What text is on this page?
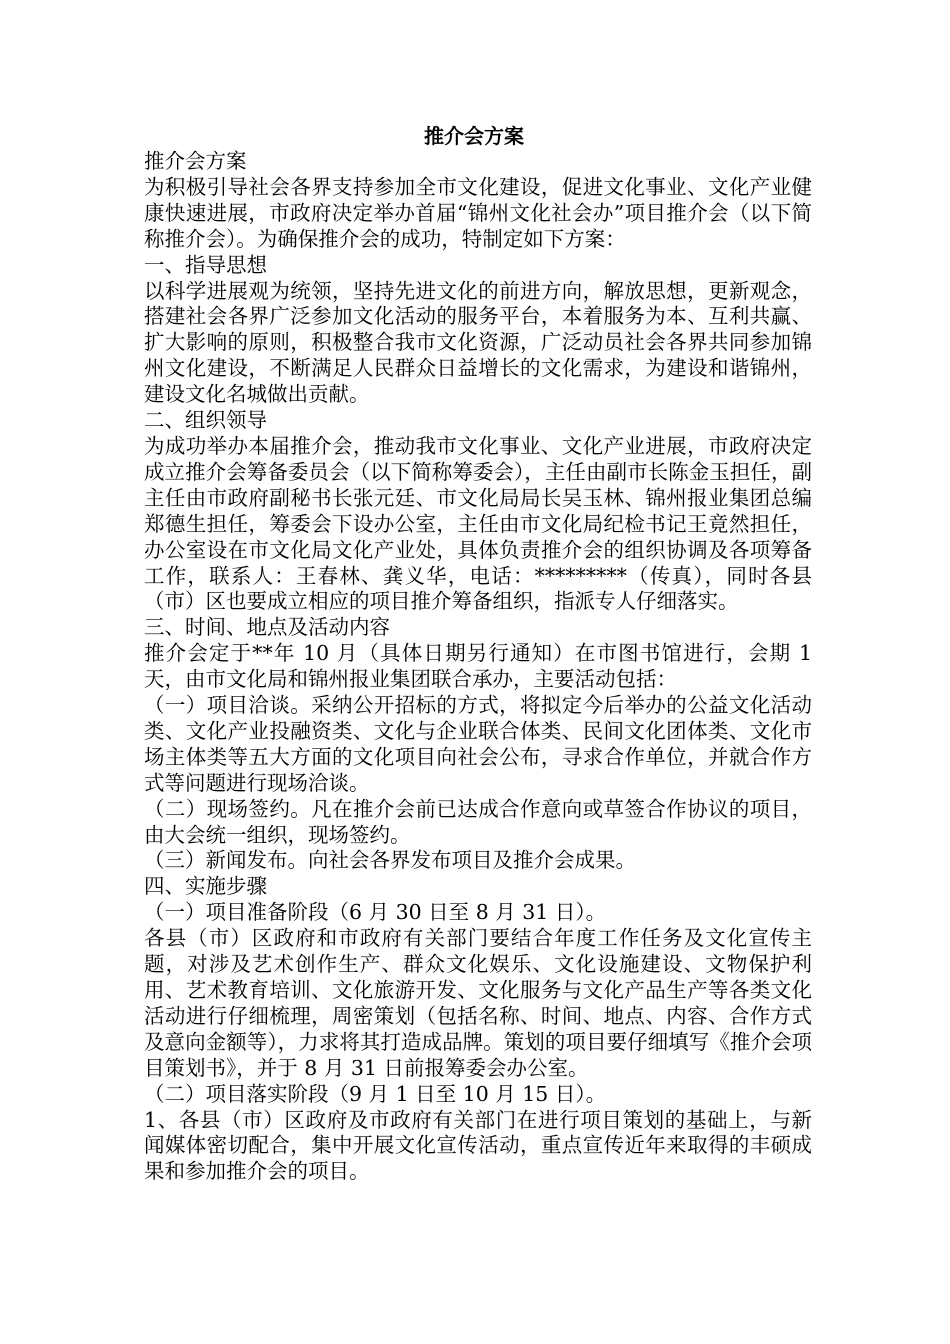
推介会方案

推介会方案

为积极引导社会各界支持参加全市文化建设，促进文化事业、文化产业健康快速进展，市政府决定举办首届“锦州文化社会办”项目推介会（以下简称推介会）。为确保推介会的成功，特制定如下方案：

一、指导思想

以科学进展观为统领，坚持先进文化的前进方向，解放思想，更新观念，搭建社会各界广泛参加文化活动的服务平台，本着服务为本、互利共赢、扩大影响的原则，积极整合我市文化资源，广泛动员社会各界共同参加锦州文化建设，不断满足人民群众日益增长的文化需求，为建设和谐锦州，建设文化名城做出贡献。

二、组织领导

为成功举办本届推介会，推动我市文化事业、文化产业进展，市政府决定成立推介会筹备委员会（以下简称筹委会），主任由副市长陈金玉担任，副主任由市政府副秘书长张元廷、市文化局局长吴玉林、锦州报业集团总编郑德生担任，筹委会下设办公室，主任由市文化局纪检书记王竟然担任，办公室设在市文化局文化产业处，具体负责推介会的组织协调及各项筹备工作，联系人：王春林、龚义华，电话：*********（传真），同时各县（市）区也要成立相应的项目推介筹备组织，指派专人仔细落实。

三、时间、地点及活动内容

推介会定于**年 10 月（具体日期另行通知）在市图书馆进行，会期 1 天，由市文化局和锦州报业集团联合承办，主要活动包括：

（一）项目洽谈。采纳公开招标的方式，将拟定今后举办的公益文化活动类、文化产业投融资类、文化与企业联合体类、民间文化团体类、文化市场主体类等五大方面的文化项目向社会公布，寻求合作单位，并就合作方式等问题进行现场洽谈。

（二）现场签约。凡在推介会前已达成合作意向或草签合作协议的项目，由大会统一组织，现场签约。

（三）新闻发布。向社会各界发布项目及推介会成果。

四、实施步骤

（一）项目准备阶段（6 月 30 日至 8 月 31 日）。

各县（市）区政府和市政府有关部门要结合年度工作任务及文化宣传主题，对涉及艺术创作生产、群众文化娱乐、文化设施建设、文物保护利用、艺术教育培训、文化旅游开发、文化服务与文化产品生产等各类文化活动进行仔细梳理，周密策划（包括名称、时间、地点、内容、合作方式及意向金额等），力求将其打造成品牌。策划的项目要仔细填写《推介会项目策划书》，并于 8 月 31 日前报筹委会办公室。

（二）项目落实阶段（9 月 1 日至 10 月 15 日）。

1、各县（市）区政府及市政府有关部门在进行项目策划的基础上，与新闻媒体密切配合，集中开展文化宣传活动，重点宣传近年来取得的丰硕成果和参加推介会的项目。
